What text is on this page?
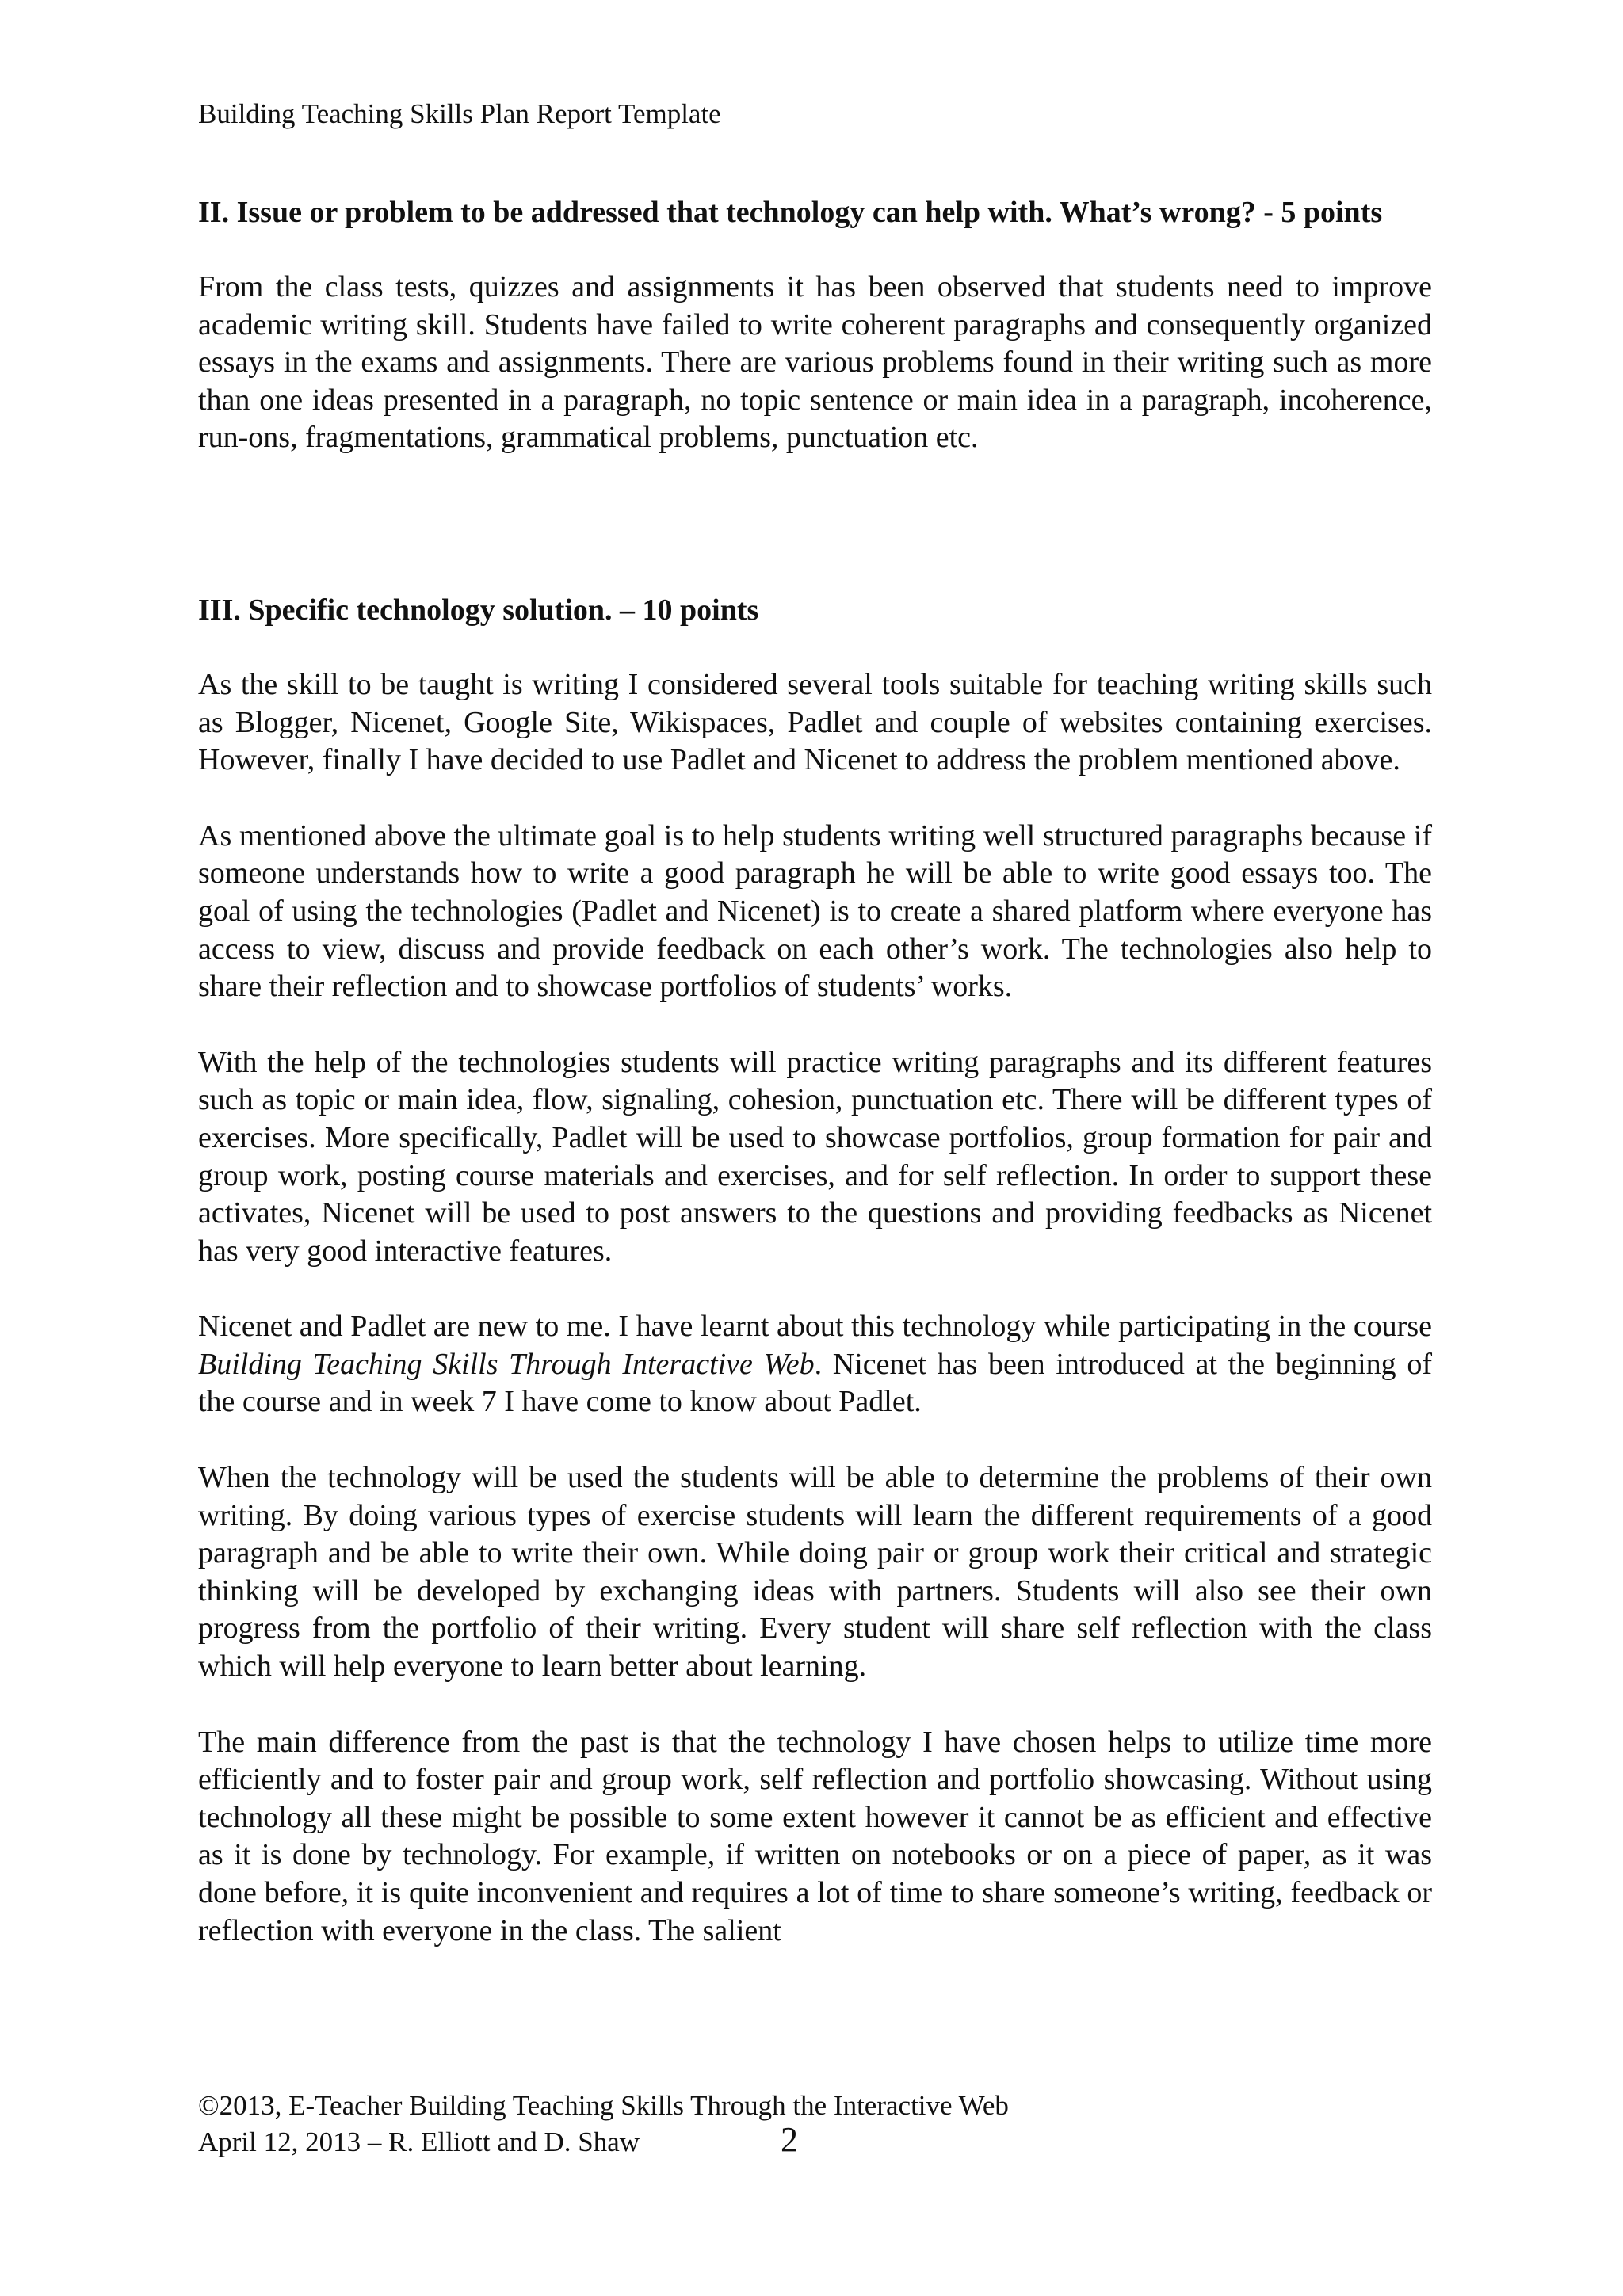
Building Teaching Skills Plan Report Template

II. Issue or problem to be addressed that technology can help with. What’s wrong? - 5 points

From the class tests, quizzes and assignments it has been observed that students need to improve academic writing skill. Students have failed to write coherent paragraphs and consequently organized essays in the exams and assignments. There are various problems found in their writing such as more than one ideas presented in a paragraph, no topic sentence or main idea in a paragraph, incoherence, run-ons, fragmentations, grammatical problems, punctuation etc.

III. Specific technology solution. – 10 points

As the skill to be taught is writing I considered several tools suitable for teaching writing skills such as Blogger, Nicenet, Google Site, Wikispaces, Padlet and couple of websites containing exercises. However, finally I have decided to use Padlet and Nicenet to address the problem mentioned above.

As mentioned above the ultimate goal is to help students writing well structured paragraphs because if someone understands how to write a good paragraph he will be able to write good essays too. The goal of using the technologies (Padlet and Nicenet) is to create a shared platform where everyone has access to view, discuss and provide feedback on each other’s work. The technologies also help to share their reflection and to showcase portfolios of students’ works.

With the help of the technologies students will practice writing paragraphs and its different features such as topic or main idea, flow, signaling, cohesion, punctuation etc. There will be different types of exercises. More specifically, Padlet will be used to showcase portfolios, group formation for pair and group work, posting course materials and exercises, and for self reflection. In order to support these activates, Nicenet will be used to post answers to the questions and providing feedbacks as Nicenet has very good interactive features.

Nicenet and Padlet are new to me. I have learnt about this technology while participating in the course Building Teaching Skills Through Interactive Web. Nicenet has been introduced at the beginning of the course and in week 7 I have come to know about Padlet.

When the technology will be used the students will be able to determine the problems of their own writing. By doing various types of exercise students will learn the different requirements of a good paragraph and be able to write their own. While doing pair or group work their critical and strategic thinking will be developed by exchanging ideas with partners. Students will also see their own progress from the portfolio of their writing. Every student will share self reflection with the class which will help everyone to learn better about learning.

The main difference from the past is that the technology I have chosen helps to utilize time more efficiently and to foster pair and group work, self reflection and portfolio showcasing. Without using technology all these might be possible to some extent however it cannot be as efficient and effective as it is done by technology. For example, if written on notebooks or on a piece of paper, as it was done before, it is quite inconvenient and requires a lot of time to share someone’s writing, feedback or reflection with everyone in the class. The salient

©2013, E-Teacher Building Teaching Skills Through the Interactive Web

April 12, 2013 – R. Elliott and D. Shaw	2
